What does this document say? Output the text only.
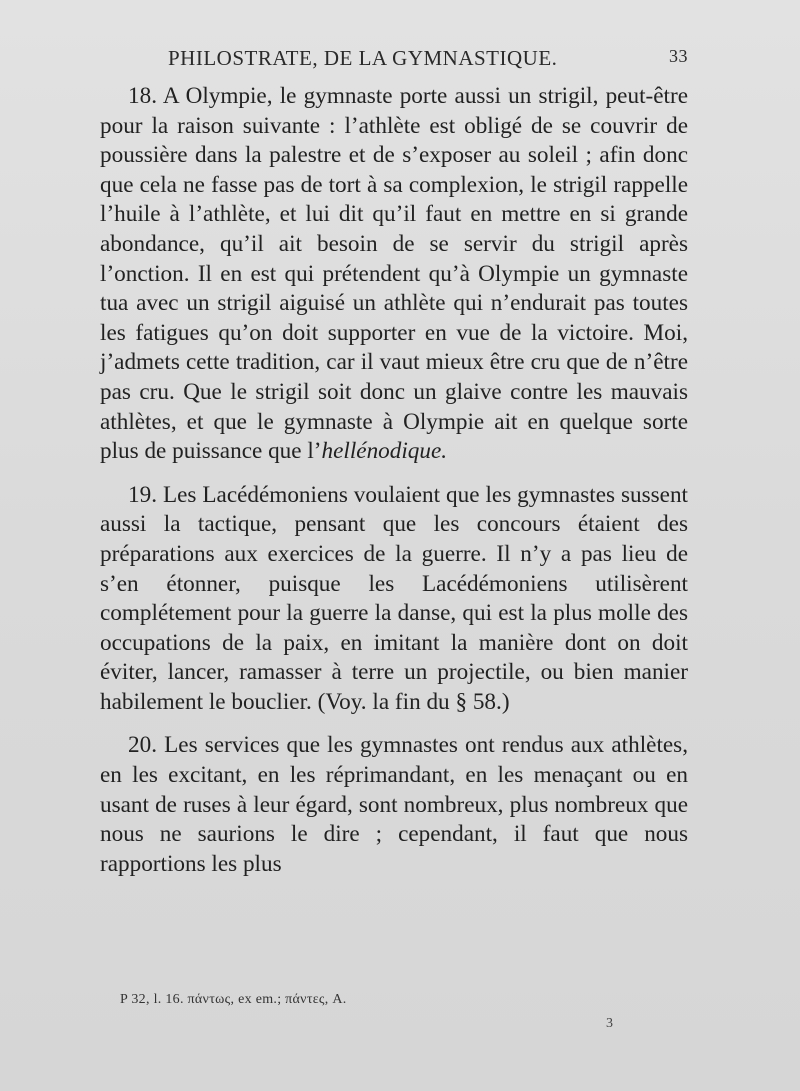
PHILOSTRATE, DE LA GYMNASTIQUE.	33

18. A Olympie, le gymnaste porte aussi un strigil, peut-être pour la raison suivante : l’athlète est obligé de se couvrir de poussière dans la palestre et de s’exposer au soleil ; afin donc que cela ne fasse pas de tort à sa complexion, le strigil rappelle l’huile à l’athlète, et lui dit qu’il faut en mettre en si grande abondance, qu’il ait besoin de se servir du strigil après l’onction. Il en est qui prétendent qu’à Olympie un gymnaste tua avec un strigil aiguisé un athlète qui n’endurait pas toutes les fatigues qu’on doit supporter en vue de la victoire. Moi, j’admets cette tradition, car il vaut mieux être cru que de n’être pas cru. Que le strigil soit donc un glaive contre les mauvais athlètes, et que le gymnaste à Olympie ait en quelque sorte plus de puissance que l’hellénodique.

19. Les Lacédémoniens voulaient que les gymnastes sussent aussi la tactique, pensant que les concours étaient des préparations aux exercices de la guerre. Il n’y a pas lieu de s’en étonner, puisque les Lacédémoniens utilisèrent complétement pour la guerre la danse, qui est la plus molle des occupations de la paix, en imitant la manière dont on doit éviter, lancer, ramasser à terre un projectile, ou bien manier habilement le bouclier. (Voy. la fin du § 58.)

20. Les services que les gymnastes ont rendus aux athlètes, en les excitant, en les réprimandant, en les menaçant ou en usant de ruses à leur égard, sont nombreux, plus nombreux que nous ne saurions le dire ; cependant, il faut que nous rapportions les plus

P 32, l. 16. πάντως, ex em.; πάντες, A.
3
